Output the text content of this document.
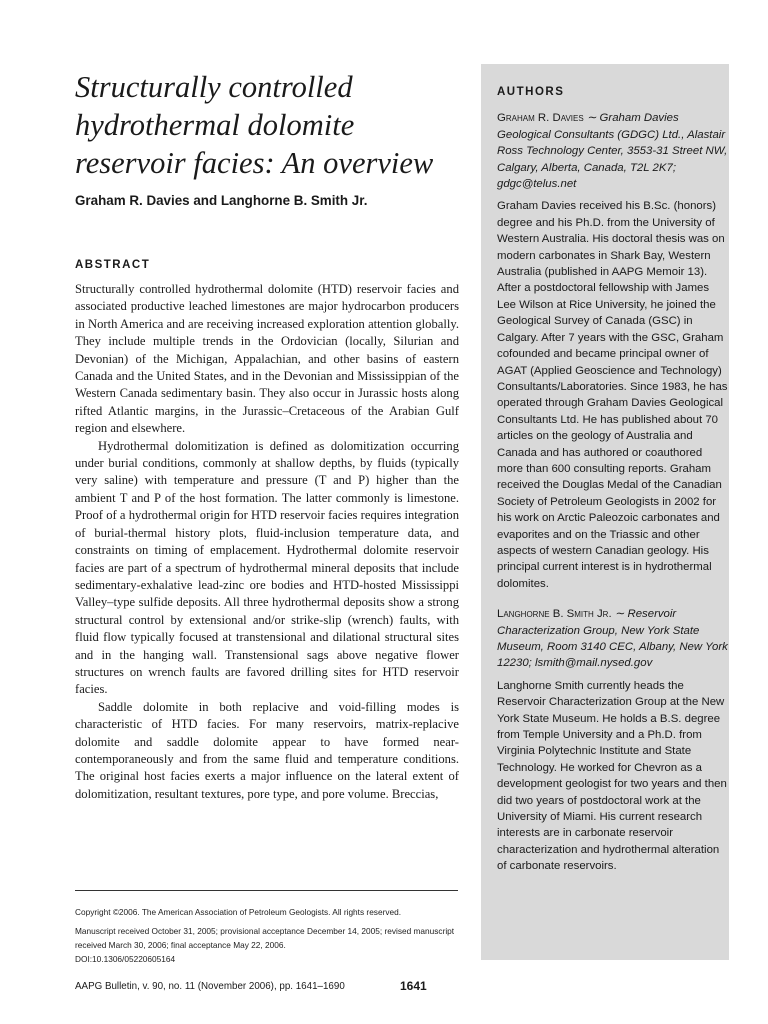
Structurally controlled
hydrothermal dolomite
reservoir facies: An overview
Graham R. Davies and Langhorne B. Smith Jr.
ABSTRACT

Structurally controlled hydrothermal dolomite (HTD) reservoir facies and associated productive leached limestones are major hydrocarbon producers in North America and are receiving increased exploration attention globally. They include multiple trends in the Ordovician (locally, Silurian and Devonian) of the Michigan, Appalachian, and other basins of eastern Canada and the United States, and in the Devonian and Mississippian of the Western Canada sedimentary basin. They also occur in Jurassic hosts along rifted Atlantic margins, in the Jurassic–Cretaceous of the Arabian Gulf region and elsewhere.

Hydrothermal dolomitization is defined as dolomitization occurring under burial conditions, commonly at shallow depths, by fluids (typically very saline) with temperature and pressure (T and P) higher than the ambient T and P of the host formation. The latter commonly is limestone. Proof of a hydrothermal origin for HTD reservoir facies requires integration of burial-thermal history plots, fluid-inclusion temperature data, and constraints on timing of emplacement. Hydrothermal dolomite reservoir facies are part of a spectrum of hydrothermal mineral deposits that include sedimentary-exhalative lead-zinc ore bodies and HTD-hosted Mississippi Valley–type sulfide deposits. All three hydrothermal deposits show a strong structural control by extensional and/or strike-slip (wrench) faults, with fluid flow typically focused at transtensional and dilational structural sites and in the hanging wall. Transtensional sags above negative flower structures on wrench faults are favored drilling sites for HTD reservoir facies.

Saddle dolomite in both replacive and void-filling modes is characteristic of HTD facies. For many reservoirs, matrix-replacive dolomite and saddle dolomite appear to have formed near-contemporaneously and from the same fluid and temperature conditions. The original host facies exerts a major influence on the lateral extent of dolomitization, resultant textures, pore type, and pore volume. Breccias,

Copyright ©2006. The American Association of Petroleum Geologists. All rights reserved.
Manuscript received October 31, 2005; provisional acceptance December 14, 2005; revised manuscript received March 30, 2006; final acceptance May 22, 2006.
DOI:10.1306/05220605164
AAPG Bulletin, v. 90, no. 11 (November 2006), pp. 1641–1690	1641
AUTHORS

Graham R. Davies ∼ Graham Davies Geological Consultants (GDGC) Ltd., Alastair Ross Technology Center, 3553-31 Street NW, Calgary, Alberta, Canada, T2L 2K7; gdgc@telus.net

Graham Davies received his B.Sc. (honors) degree and his Ph.D. from the University of Western Australia. His doctoral thesis was on modern carbonates in Shark Bay, Western Australia (published in AAPG Memoir 13). After a postdoctoral fellowship with James Lee Wilson at Rice University, he joined the Geological Survey of Canada (GSC) in Calgary. After 7 years with the GSC, Graham cofounded and became principal owner of AGAT (Applied Geoscience and Technology) Consultants/Laboratories. Since 1983, he has operated through Graham Davies Geological Consultants Ltd. He has published about 70 articles on the geology of Australia and Canada and has authored or coauthored more than 600 consulting reports. Graham received the Douglas Medal of the Canadian Society of Petroleum Geologists in 2002 for his work on Arctic Paleozoic carbonates and evaporites and on the Triassic and other aspects of western Canadian geology. His principal current interest is in hydrothermal dolomites.

Langhorne B. Smith Jr. ∼ Reservoir Characterization Group, New York State Museum, Room 3140 CEC, Albany, New York 12230; lsmith@mail.nysed.gov

Langhorne Smith currently heads the Reservoir Characterization Group at the New York State Museum. He holds a B.S. degree from Temple University and a Ph.D. from Virginia Polytechnic Institute and State Technology. He worked for Chevron as a development geologist for two years and then did two years of postdoctoral work at the University of Miami. His current research interests are in carbonate reservoir characterization and hydrothermal alteration of carbonate reservoirs.
